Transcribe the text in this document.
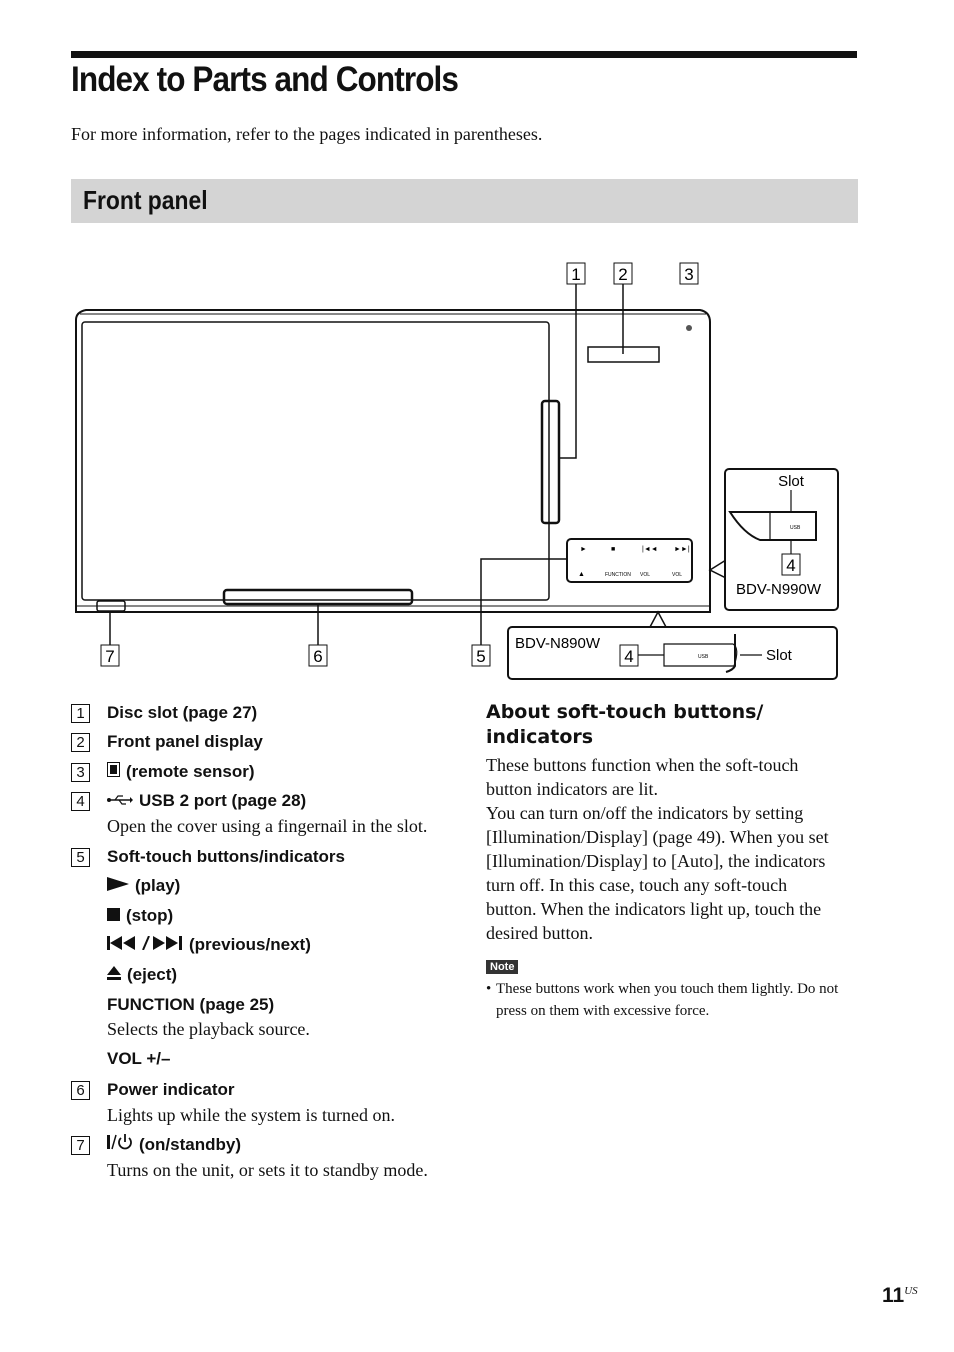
Index to Parts and Controls
For more information, refer to the pages indicated in parentheses.
Front panel
►	■	|◄◄ ►►|
▲	FUNCTION VOL	VOL
1 2	3
7	6	5
Slot
USB
4
BDV-N990W
BDV-N890W
4	USB	Slot
1	Disc slot (page 27)
2	Front panel display
3	(remote sensor)
4	USB 2 port (page 28)
Open the cover using a fingernail in the slot.
5	Soft-touch buttons/indicators
(play)
(stop)
(previous/next)
(eject)
FUNCTION (page 25)
Selects the playback source.
VOL +/–
6	Power indicator
Lights up while the system is turned on.
7	(on/standby)
Turns on the unit, or sets it to standby mode.
About soft-touch buttons/
indicators

These buttons function when the soft-touch
button indicators are lit.

You can turn on/off the indicators by setting
[Illumination/Display] (page 49). When you set
[Illumination/Display] to [Auto], the indicators
turn off. In this case, touch any soft-touch
button. When the indicators light up, touch the
desired button.

Note
• These buttons work when you touch them lightly. Do not press on them with excessive force.
$11^{US}$
